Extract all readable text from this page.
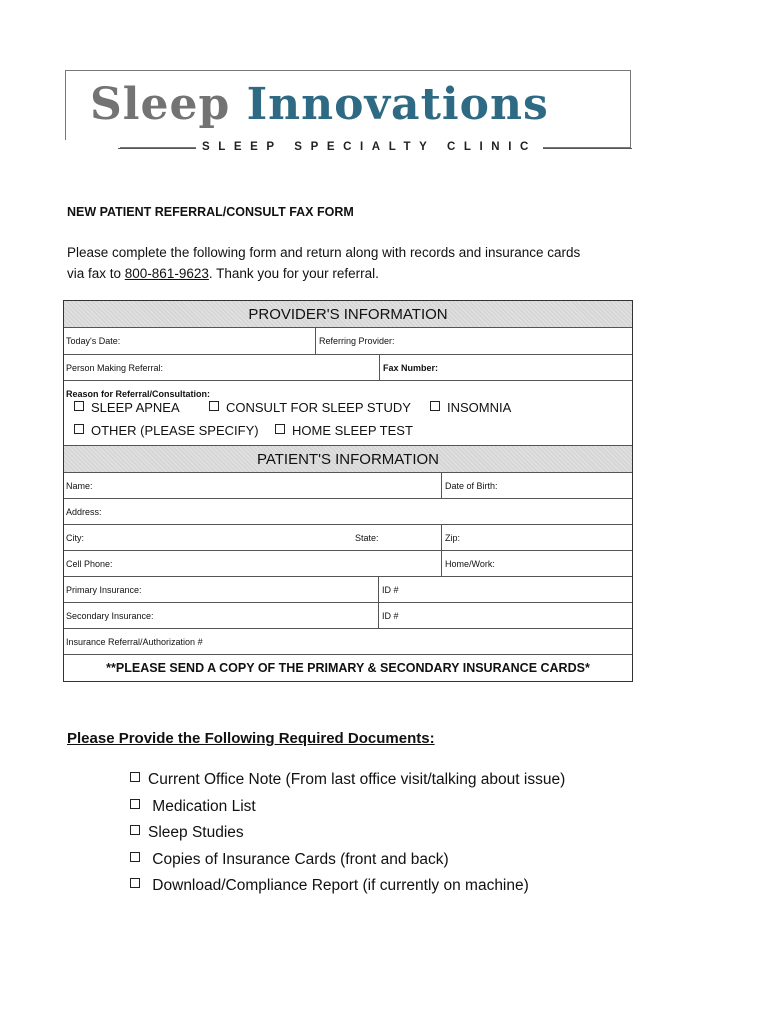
Sleep Innovations
SLEEP SPECIALTY CLINIC
NEW PATIENT REFERRAL/CONSULT FAX FORM
Please complete the following form and return along with records and insurance cards
via fax to 800-861-9623. Thank you for your referral.
PROVIDER'S INFORMATION
Today's Date:	Referring Provider:
Person Making Referral:	Fax Number:
Reason for Referral/Consultation:
SLEEP APNEA	CONSULT FOR SLEEP STUDY	INSOMNIA
OTHER (PLEASE SPECIFY)	HOME SLEEP TEST
PATIENT'S INFORMATION
Name:	Date of Birth:
Address:
City:	State:	Zip:
Cell Phone:	Home/Work:
Primary Insurance:	ID #
Secondary Insurance:	ID #
Insurance Referral/Authorization #
**PLEASE SEND A COPY OF THE PRIMARY & SECONDARY INSURANCE CARDS*
Please Provide the Following Required Documents:
Current Office Note (From last office visit/talking about issue)
Medication List
Sleep Studies
Copies of Insurance Cards (front and back)
Download/Compliance Report (if currently on machine)
